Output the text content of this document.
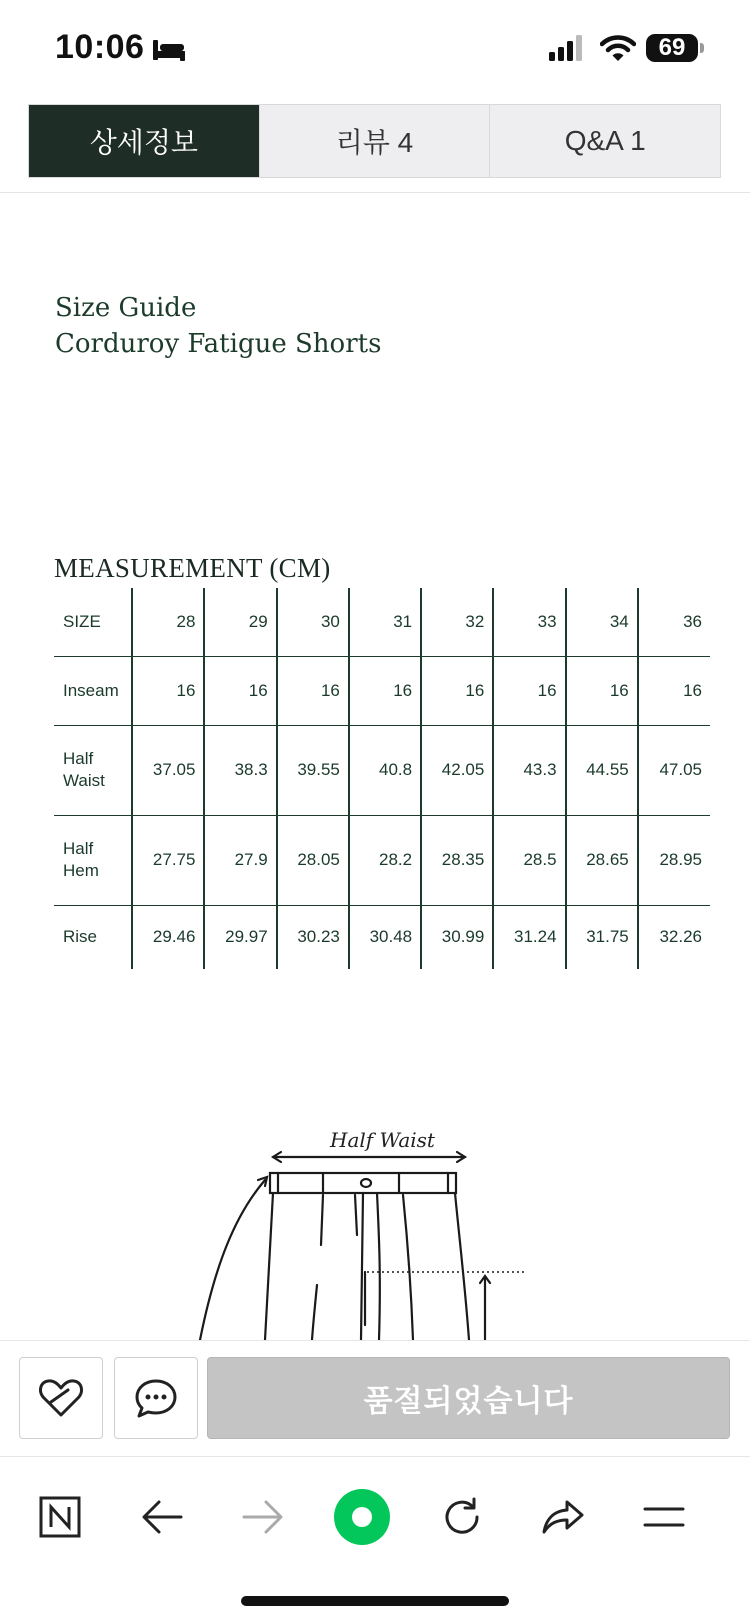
10:06	69
상세정보	리뷰 4	Q&A 1
Size Guide
Corduroy Fatigue Shorts
MEASUREMENT (CM)
SIZE	28	29	30	31	32	33	34	36
Inseam	16	16	16	16	16	16	16	16
Half Waist	37.05	38.3	39.55	40.8	42.05	43.3	44.55	47.05
Half Hem	27.75	27.9	28.05	28.2	28.35	28.5	28.65	28.95
Rise	29.46	29.97	30.23	30.48	30.99	31.24	31.75	32.26
Half Waist
품절되었습니다
